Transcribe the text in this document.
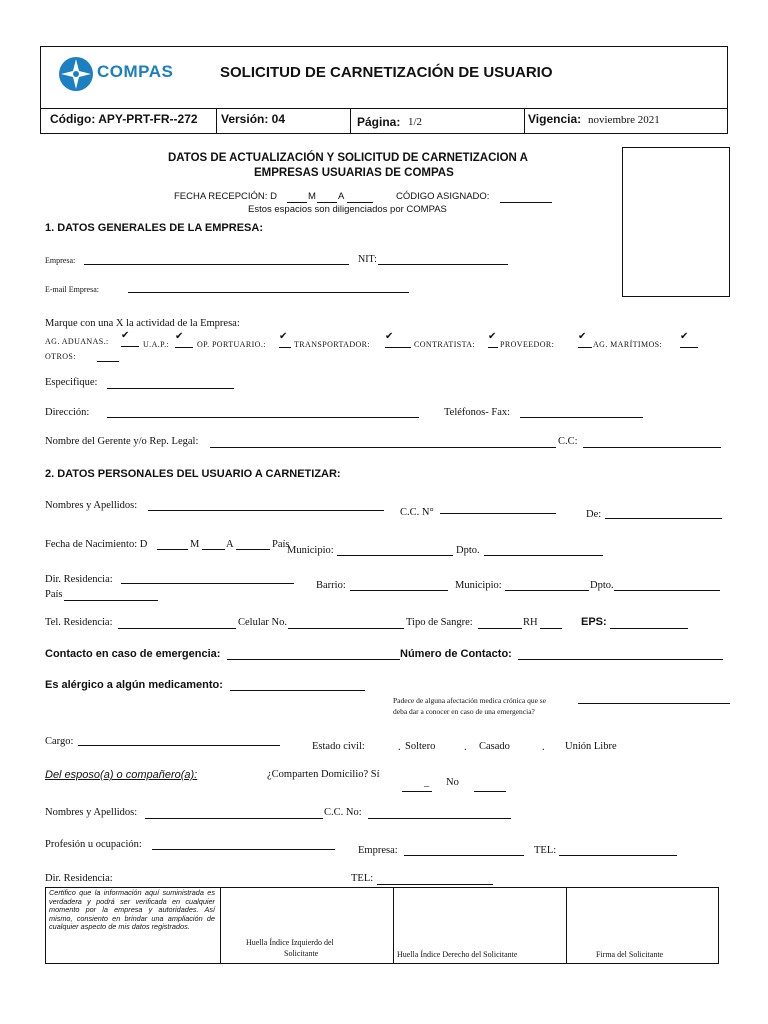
COMPAS	SOLICITUD DE CARNETIZACIÓN DE USUARIO
Código: APY-PRT-FR--272 Versión: 04	Página: 1/2	Vigencia: noviembre 2021
DATOS DE ACTUALIZACIÓN Y SOLICITUD DE CARNETIZACION A
EMPRESAS USUARIAS DE COMPAS
FECHA RECEPCIÓN: D	M A	CÓDIGO ASIGNADO:
Estos espacios son diligenciados por COMPAS
1. DATOS GENERALES DE LA EMPRESA:
Empresa:	NIT:
E-mail Empresa:
Marque con una X la actividad de la Empresa:
AG. ADUANAS.:
✔
U.A.P.:
✔
OP. PORTUARIO.:
✔
TRANSPORTADOR:
✔
CONTRATISTA:
✔
PROVEEDOR:
✔
AG. MARÍTIMOS:
✔
OTROS:
Especifique:
Dirección:	Teléfonos- Fax:
Nombre del Gerente y/o Rep. Legal:	C.C:
2. DATOS PERSONALES DEL USUARIO A CARNETIZAR:
Nombres y Apellidos:
C.C. N°	De:
Fecha de Nacimiento: D	M	A	País
Municipio:	Dpto.
Dir. Residencia:
Barrio:	Municipio:	Dpto.
País
Tel. Residencia:	Celular No.	Tipo de Sangre:	RH	EPS:
Contacto en caso de emergencia:	Número de Contacto:
Es alérgico a algún medicamento:
Padece de alguna afectación medica crónica que se
deba dar a conocer en caso de una emergencia?
Cargo:	Estado civil:	. Soltero	. Casado	. Unión Libre
Del esposo(a) o compañero(a):	¿Comparten Domicilio? Sí
_ No
Nombres y Apellidos:	C.C. No:
Profesión u ocupación:
Empresa:	TEL:
Dir. Residencia:	TEL:
Certifico que la información aquí suministrada es verdadera y podrá ser verificada en cualquier momento por la empresa y autoridades. Así mismo, consiento en brindar una ampliación de cualquier aspecto de mis datos registrados.
Huella Índice Izquierdo del
Solicitante	Huella Índice Derecho del Solicitante	Firma del Solicitante
